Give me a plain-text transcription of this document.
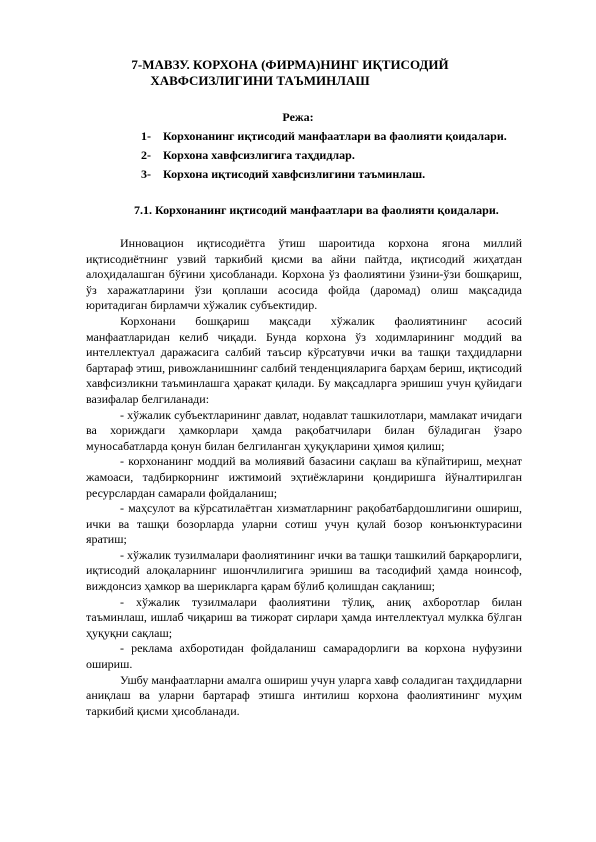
7-МАВЗУ. КОРХОНА (ФИРМА)НИНГ ИҚТИСОДИЙ
ХАВФСИЗЛИГИНИ ТАЪМИНЛАШ
Режа:
1- Корхонанинг иқтисодий манфаатлари ва фаолияти қоидалари.
2- Корхона хавфсизлигига таҳдидлар.
3- Корхона иқтисодий хавфсизлигини таъминлаш.
7.1. Корхонанинг иқтисодий манфаатлари ва фаолияти қоидалари.

Инновацион иқтисодиётга ўтиш шароитида корхона ягона миллий иқтисодиётнинг узвий таркибий қисми ва айни пайтда, иқтисодий жиҳатдан алоҳидалашган бўғини ҳисобланади. Корхона ўз фаолиятини ўзини-ўзи бошқариш, ўз харажатларини ўзи қоплаши асосида фойда (даромад) олиш мақсадида юритадиган бирламчи хўжалик субъектидир.

Корхонани бошқариш мақсади хўжалик фаолиятининг асосий манфаатларидан келиб чиқади. Бунда корхона ўз ходимларининг моддий ва интеллектуал даражасига салбий таъсир кўрсатувчи ички ва ташқи таҳдидларни бартараф этиш, ривожланишнинг салбий тенденцияларига барҳам бериш, иқтисодий хавфсизликни таъминлашга ҳаракат қилади. Бу мақсадларга эришиш учун қуйидаги вазифалар белгиланади:

- хўжалик субъектларининг давлат, нодавлат ташкилотлари, мамлакат ичидаги ва хориждаги ҳамкорлари ҳамда рақобатчилари билан бўладиган ўзаро муносабатларда қонун билан белгиланган ҳуқуқларини ҳимоя қилиш;

- корхонанинг моддий ва молиявий базасини сақлаш ва кўпайтириш, меҳнат жамоаси, тадбиркорнинг ижтимоий эҳтиёжларини қондиришга йўналтирилган ресурслардан самарали фойдаланиш;

- маҳсулот ва кўрсатилаётган хизматларнинг рақобатбардошлигини ошириш, ички ва ташқи бозорларда уларни сотиш учун қулай бозор конъюнктурасини яратиш;

- хўжалик тузилмалари фаолиятининг ички ва ташқи ташкилий барқарорлиги, иқтисодий алоқаларнинг ишончлилигига эришиш ва тасодифий ҳамда ноинсоф, виждонсиз ҳамкор ва шерикларга қарам бўлиб қолишдан сақланиш;

- хўжалик тузилмалари фаолиятини тўлиқ, аниқ ахборотлар билан таъминлаш, ишлаб чиқариш ва тижорат сирлари ҳамда интеллектуал мулкка бўлган ҳуқуқни сақлаш;

- реклама ахборотидан фойдаланиш самарадорлиги ва корхона нуфузини ошириш.

Ушбу манфаатларни амалга ошириш учун уларга хавф соладиган таҳдидларни аниқлаш ва уларни бартараф этишга интилиш корхона фаолиятининг муҳим таркибий қисми ҳисобланади.
